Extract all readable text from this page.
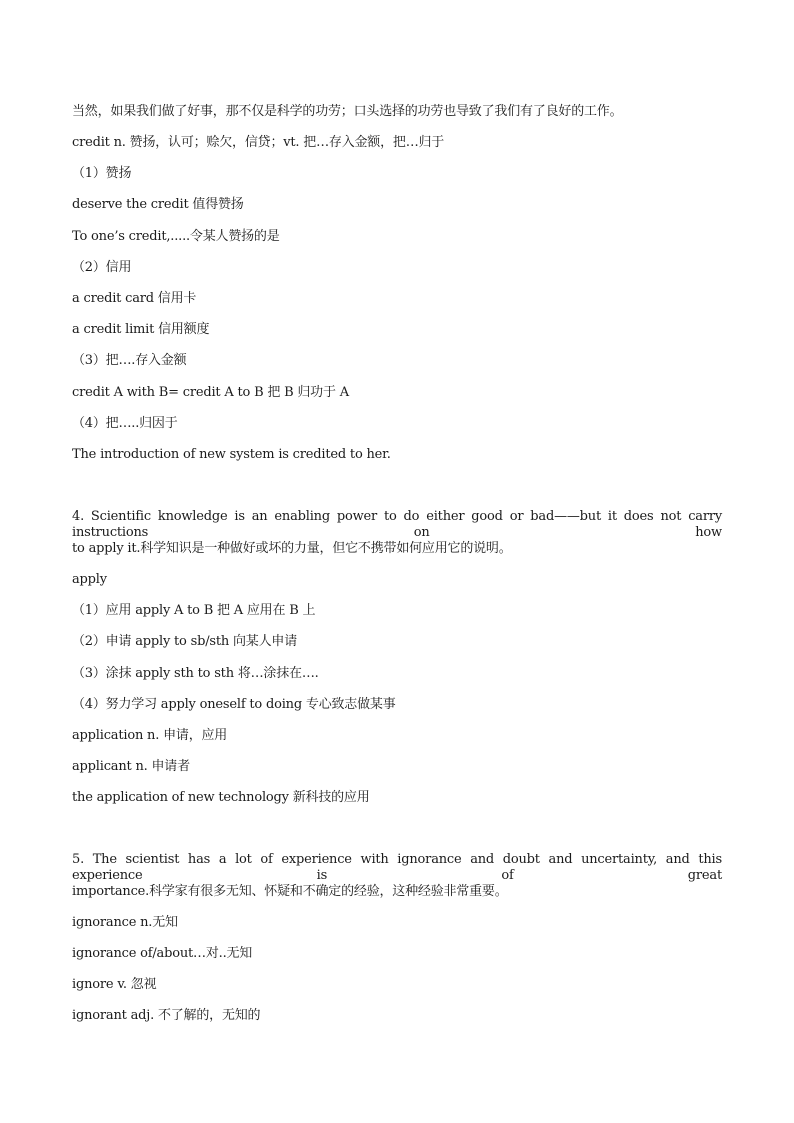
当然，如果我们做了好事，那不仅是科学的功劳；口头选择的功劳也导致了我们有了良好的工作。
credit n. 赞扬，认可；赊欠，信贷；vt. 把…存入金额，把…归于
（1）赞扬
deserve the credit 值得赞扬
To one’s credit,.....令某人赞扬的是
（2）信用
a credit card 信用卡
a credit limit 信用额度
（3）把….存入金额
credit A with B= credit A to B 把 B 归功于 A
（4）把…..归因于
The introduction of new system is credited to her.
4. Scientific knowledge is an enabling power to do either good or bad——but it does not carry instructions on how
to apply it.科学知识是一种做好或坏的力量，但它不携带如何应用它的说明。
apply
（1）应用 apply A to B 把 A 应用在 B 上
（2）申请 apply to sb/sth 向某人申请
（3）涂抹 apply sth to sth 将…涂抹在….
（4）努力学习 apply oneself to doing 专心致志做某事
application n. 申请，应用
applicant n. 申请者
the application of new technology 新科技的应用
5. The scientist has a lot of experience with ignorance and doubt and uncertainty, and this experience is of great
importance.科学家有很多无知、怀疑和不确定的经验，这种经验非常重要。
ignorance n.无知
ignorance of/about…对..无知
ignore v. 忽视
ignorant adj. 不了解的，无知的
